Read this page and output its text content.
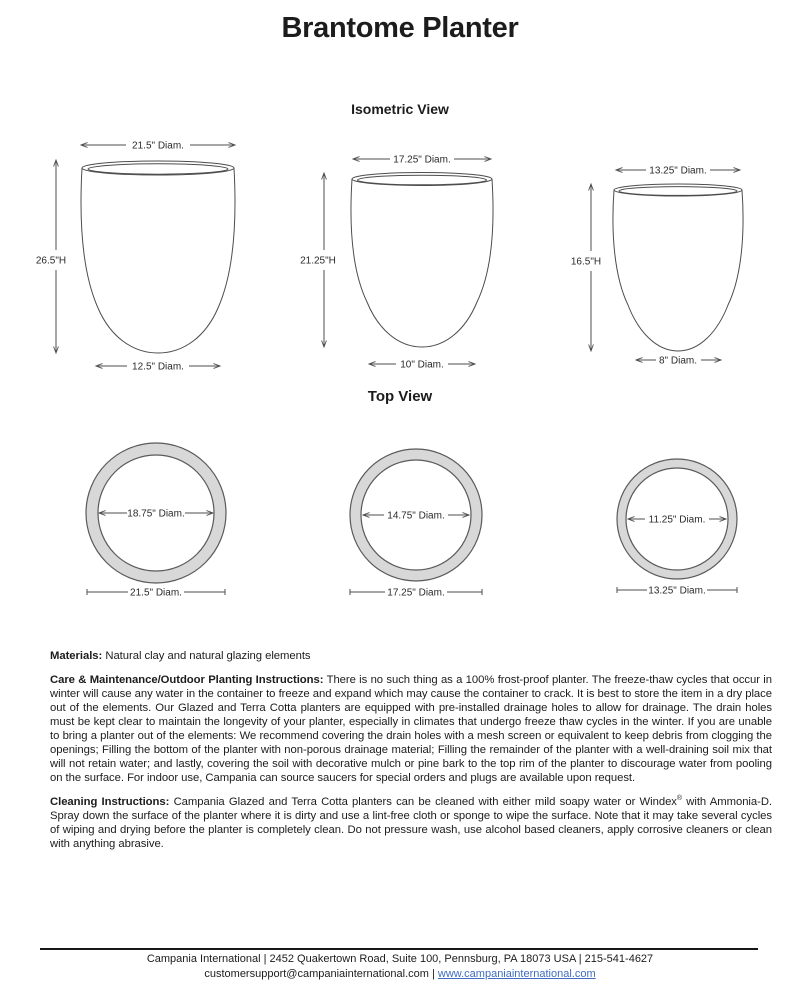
Brantome Planter
Isometric View
21.5" Diam.
26.5"H
12.5" Diam.
17.25" Diam.
21.25"H
10" Diam.
13.25" Diam.
16.5"H
8" Diam.
Top View
18.75" Diam.
21.5" Diam.
14.75" Diam.
17.25" Diam.
11.25" Diam.
13.25" Diam.

Materials: Natural clay and natural glazing elements

Care & Maintenance/Outdoor Planting Instructions: There is no such thing as a 100% frost-proof planter. The freeze-thaw cycles that occur in winter will cause any water in the container to freeze and expand which may cause the container to crack. It is best to store the item in a dry place out of the elements. Our Glazed and Terra Cotta planters are equipped with pre-installed drainage holes to allow for drainage. The drain holes must be kept clear to maintain the longevity of your planter, especially in climates that undergo freeze thaw cycles in the winter. If you are unable to bring a planter out of the elements: We recommend covering the drain holes with a mesh screen or equivalent to keep debris from clogging the openings; Filling the bottom of the planter with non-porous drainage material; Filling the remainder of the planter with a well-draining soil mix that will not retain water; and lastly, covering the soil with decorative mulch or pine bark to the top rim of the planter to discourage water from pooling on the surface. For indoor use, Campania can source saucers for special orders and plugs are available upon request.

Cleaning Instructions: Campania Glazed and Terra Cotta planters can be cleaned with either mild soapy water or Windex® with Ammonia-D. Spray down the surface of the planter where it is dirty and use a lint-free cloth or sponge to wipe the surface. Note that it may take several cycles of wiping and drying before the planter is completely clean. Do not pressure wash, use alcohol based cleaners, apply corrosive cleaners or clean with anything abrasive.

Campania International | 2452 Quakertown Road, Suite 100, Pennsburg, PA 18073 USA | 215-541-4627
customersupport@campaniainternational.com | www.campaniainternational.com
